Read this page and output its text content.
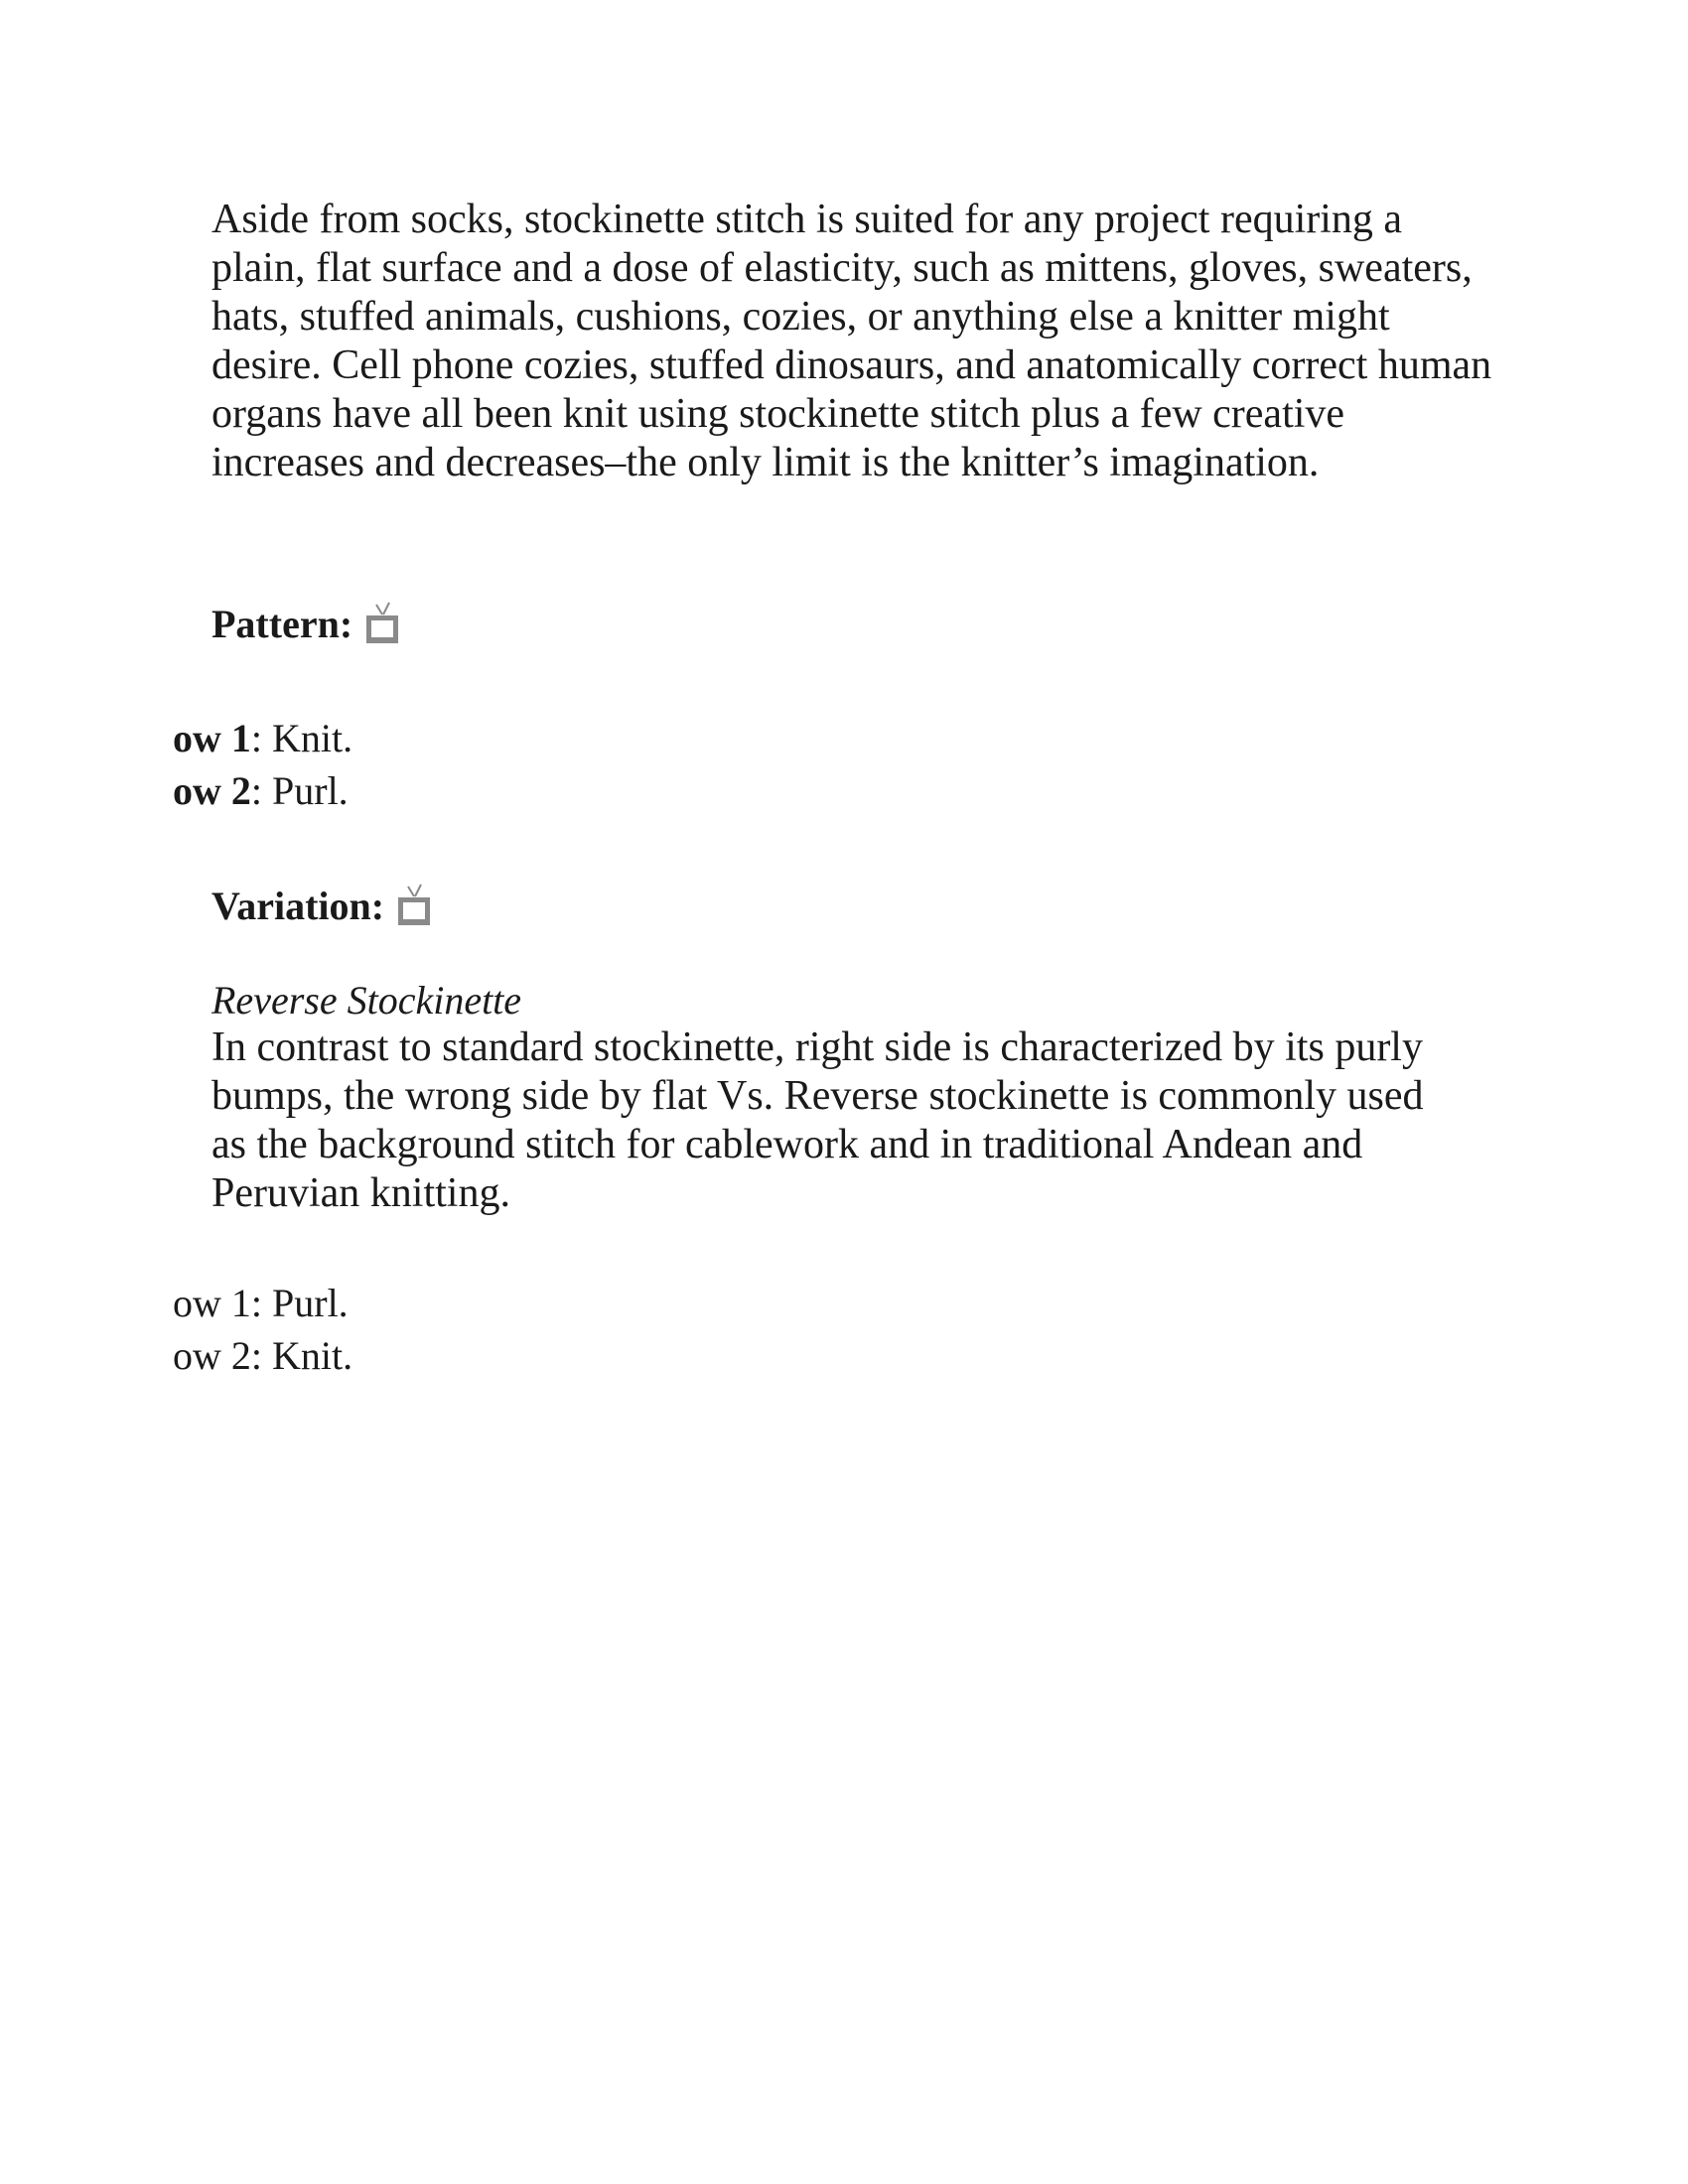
Aside from socks, stockinette stitch is suited for any project requiring a plain, flat surface and a dose of elasticity, such as mittens, gloves, sweaters, hats, stuffed animals, cushions, cozies, or anything else a knitter might desire. Cell phone cozies, stuffed dinosaurs, and anatomically correct human organs have all been knit using stockinette stitch plus a few creative increases and decreases–the only limit is the knitter’s imagination.

Pattern:

ow 1: Knit.

ow 2: Purl.

Variation:

Reverse Stockinette

In contrast to standard stockinette, right side is characterized by its purly bumps, the wrong side by flat Vs. Reverse stockinette is commonly used as the background stitch for cablework and in traditional Andean and Peruvian knitting.

ow 1: Purl.

ow 2: Knit.
